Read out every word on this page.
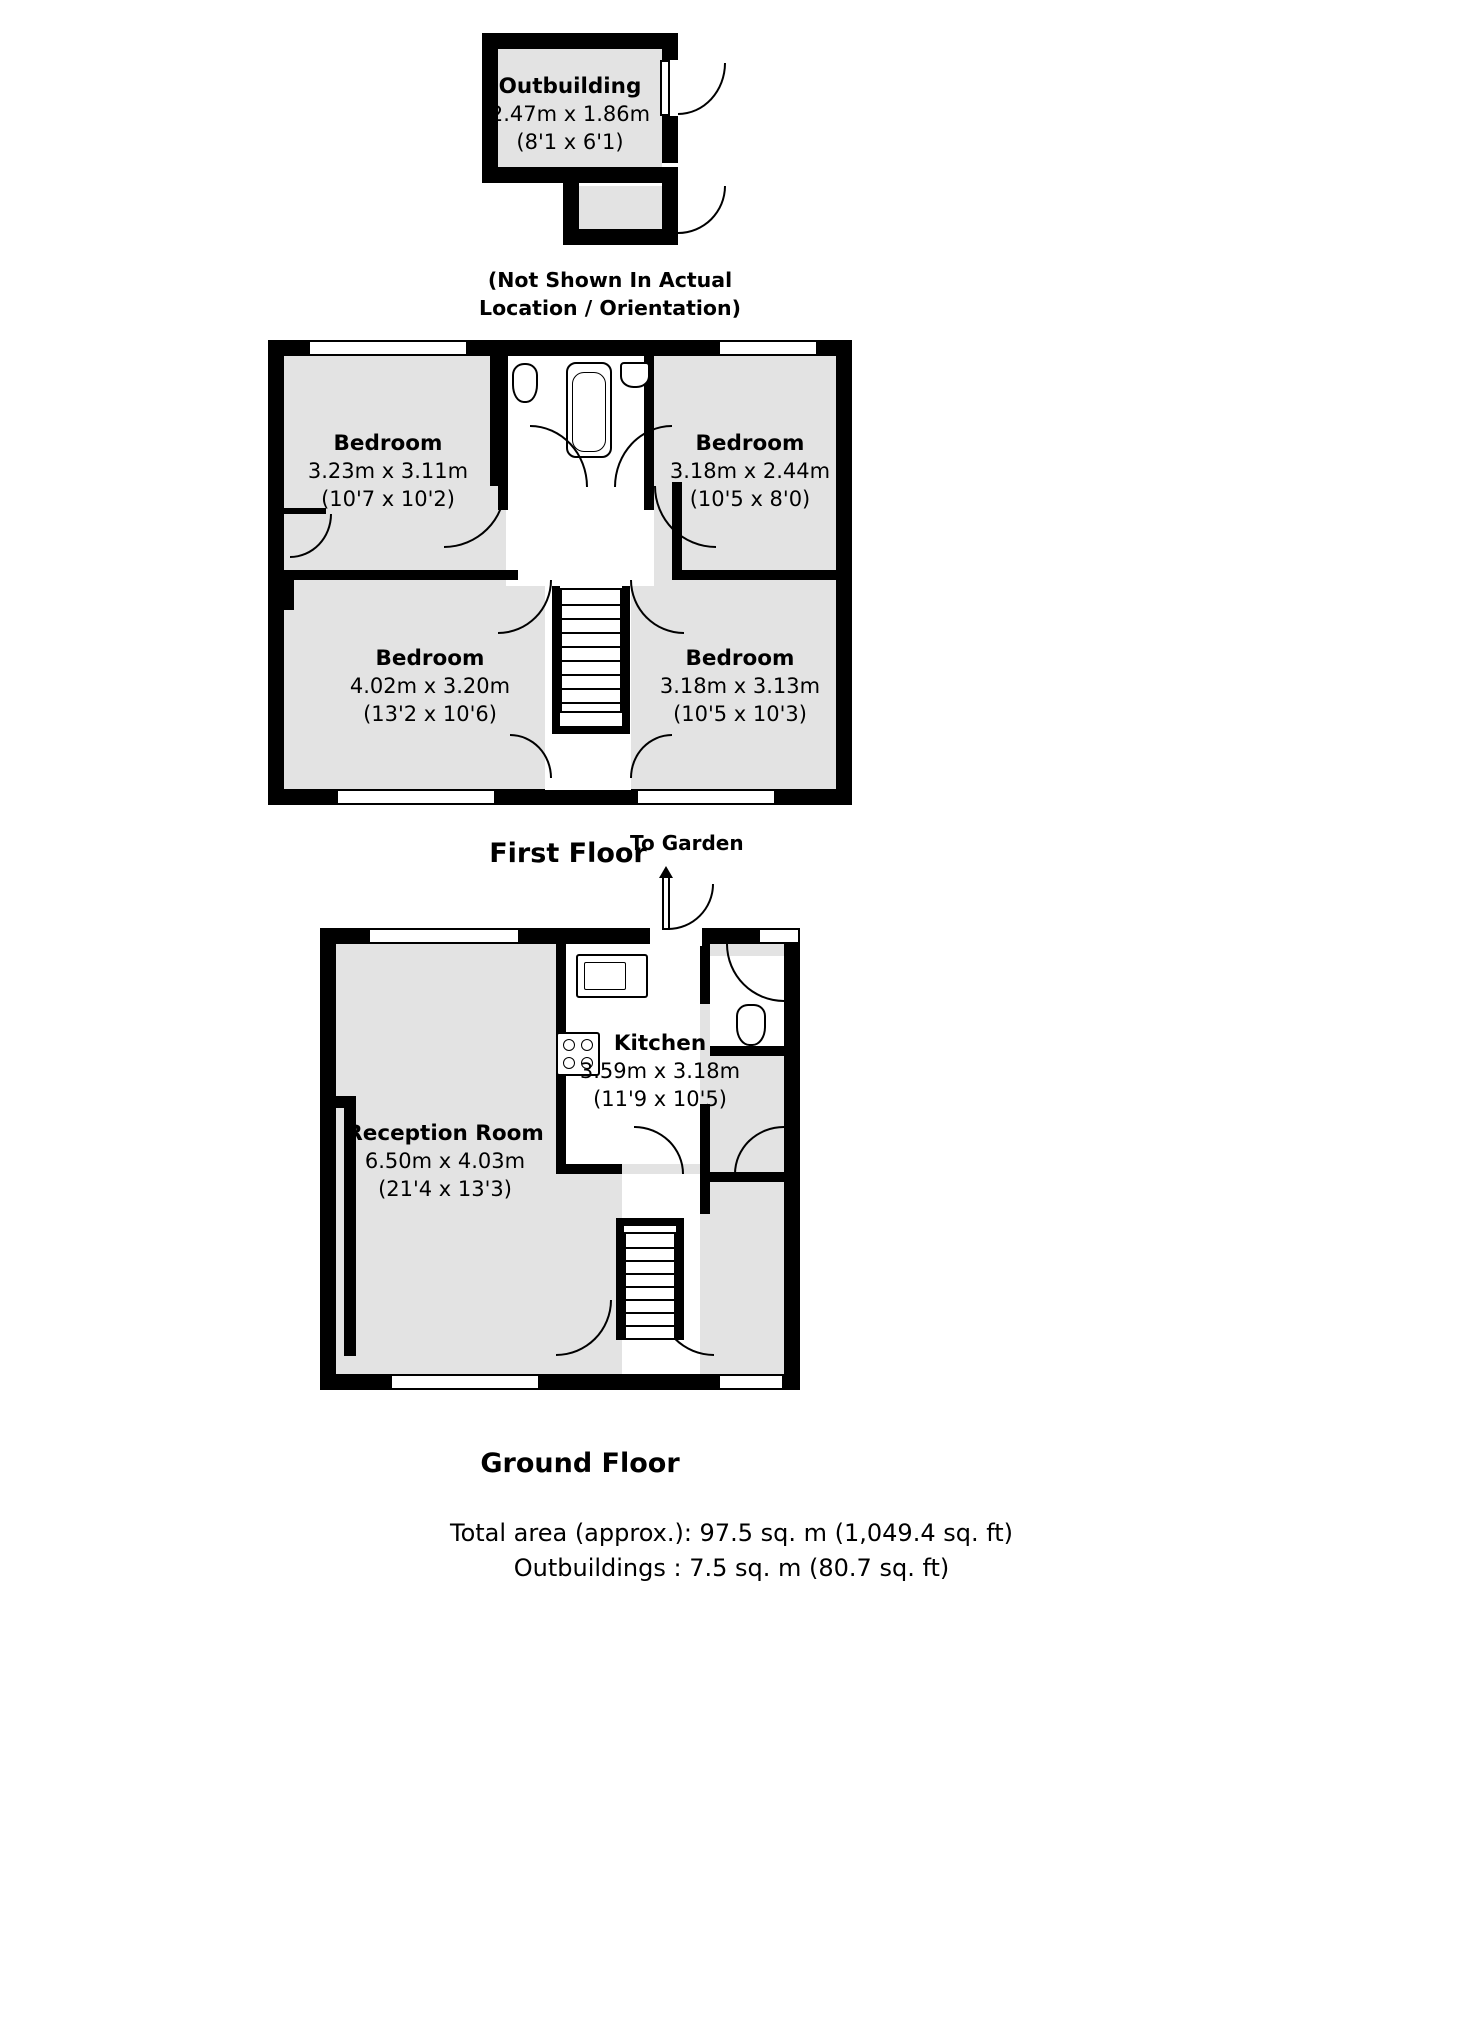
Outbuilding
2.47m x 1.86m
(8'1 x 6'1)
(Not Shown In Actual
Location / Orientation)
Bedroom
3.23m x 3.11m
(10'7 x 10'2)
Bedroom
3.18m x 2.44m
(10'5 x 8'0)
Bedroom
4.02m x 3.20m
(13'2 x 10'6)
Bedroom
3.18m x 3.13m
(10'5 x 10'3)
First Floor
To Garden
Kitchen
3.59m x 3.18m
(11'9 x 10'5)
Reception Room
6.50m x 4.03m
(21'4 x 13'3)
Ground Floor
Total area (approx.): 97.5 sq. m (1,049.4 sq. ft)
Outbuildings : 7.5 sq. m (80.7 sq. ft)
